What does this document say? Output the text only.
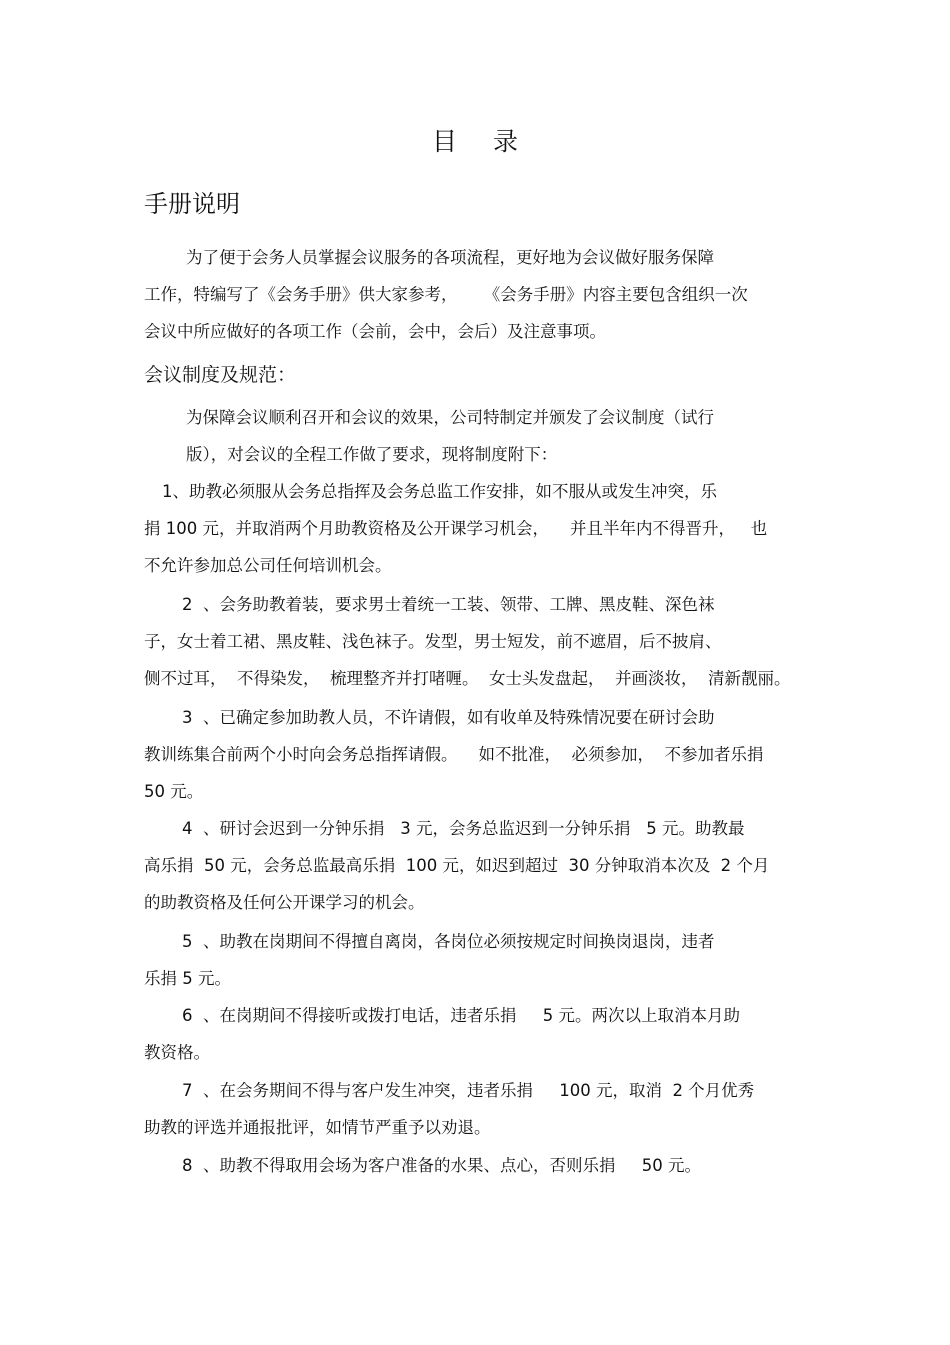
目 录
手册说明
为了便于会务人员掌握会议服务的各项流程，更好地为会议做好服务保障
工作，特编写了《会务手册》供大家参考，     《会务手册》内容主要包含组织一次
会议中所应做好的各项工作（会前，会中，会后）及注意事项。
会议制度及规范：
为保障会议顺利召开和会议的效果，公司特制定并颁发了会议制度（试行
版），对会议的全程工作做了要求，现将制度附下：
1、助教必须服从会务总指挥及会务总监工作安排，如不服从或发生冲突，乐
捐 100 元，并取消两个月助教资格及公开课学习机会，    并且半年内不得晋升，   也
不允许参加总公司任何培训机会。
2  、会务助教着装，要求男士着统一工装、领带、工牌、黑皮鞋、深色袜
子，女士着工裙、黑皮鞋、浅色袜子。发型，男士短发，前不遮眉，后不披肩、
侧不过耳，  不得染发，  梳理整齐并打啫喱。  女士头发盘起，  并画淡妆，  清新靓丽。
3  、已确定参加助教人员，不许请假，如有收单及特殊情况要在研讨会助
教训练集合前两个小时向会务总指挥请假。    如不批准，  必须参加，  不参加者乐捐
50 元。
4  、研讨会迟到一分钟乐捐   3 元，会务总监迟到一分钟乐捐   5 元。助教最
高乐捐  50 元，会务总监最高乐捐  100 元，如迟到超过  30 分钟取消本次及  2 个月
的助教资格及任何公开课学习的机会。
5  、助教在岗期间不得擅自离岗，各岗位必须按规定时间换岗退岗，违者
乐捐 5 元。
6  、在岗期间不得接听或拨打电话，违者乐捐     5 元。两次以上取消本月助
教资格。
7  、在会务期间不得与客户发生冲突，违者乐捐     100 元，取消  2 个月优秀
助教的评选并通报批评，如情节严重予以劝退。
8  、助教不得取用会场为客户准备的水果、点心，否则乐捐     50 元。
